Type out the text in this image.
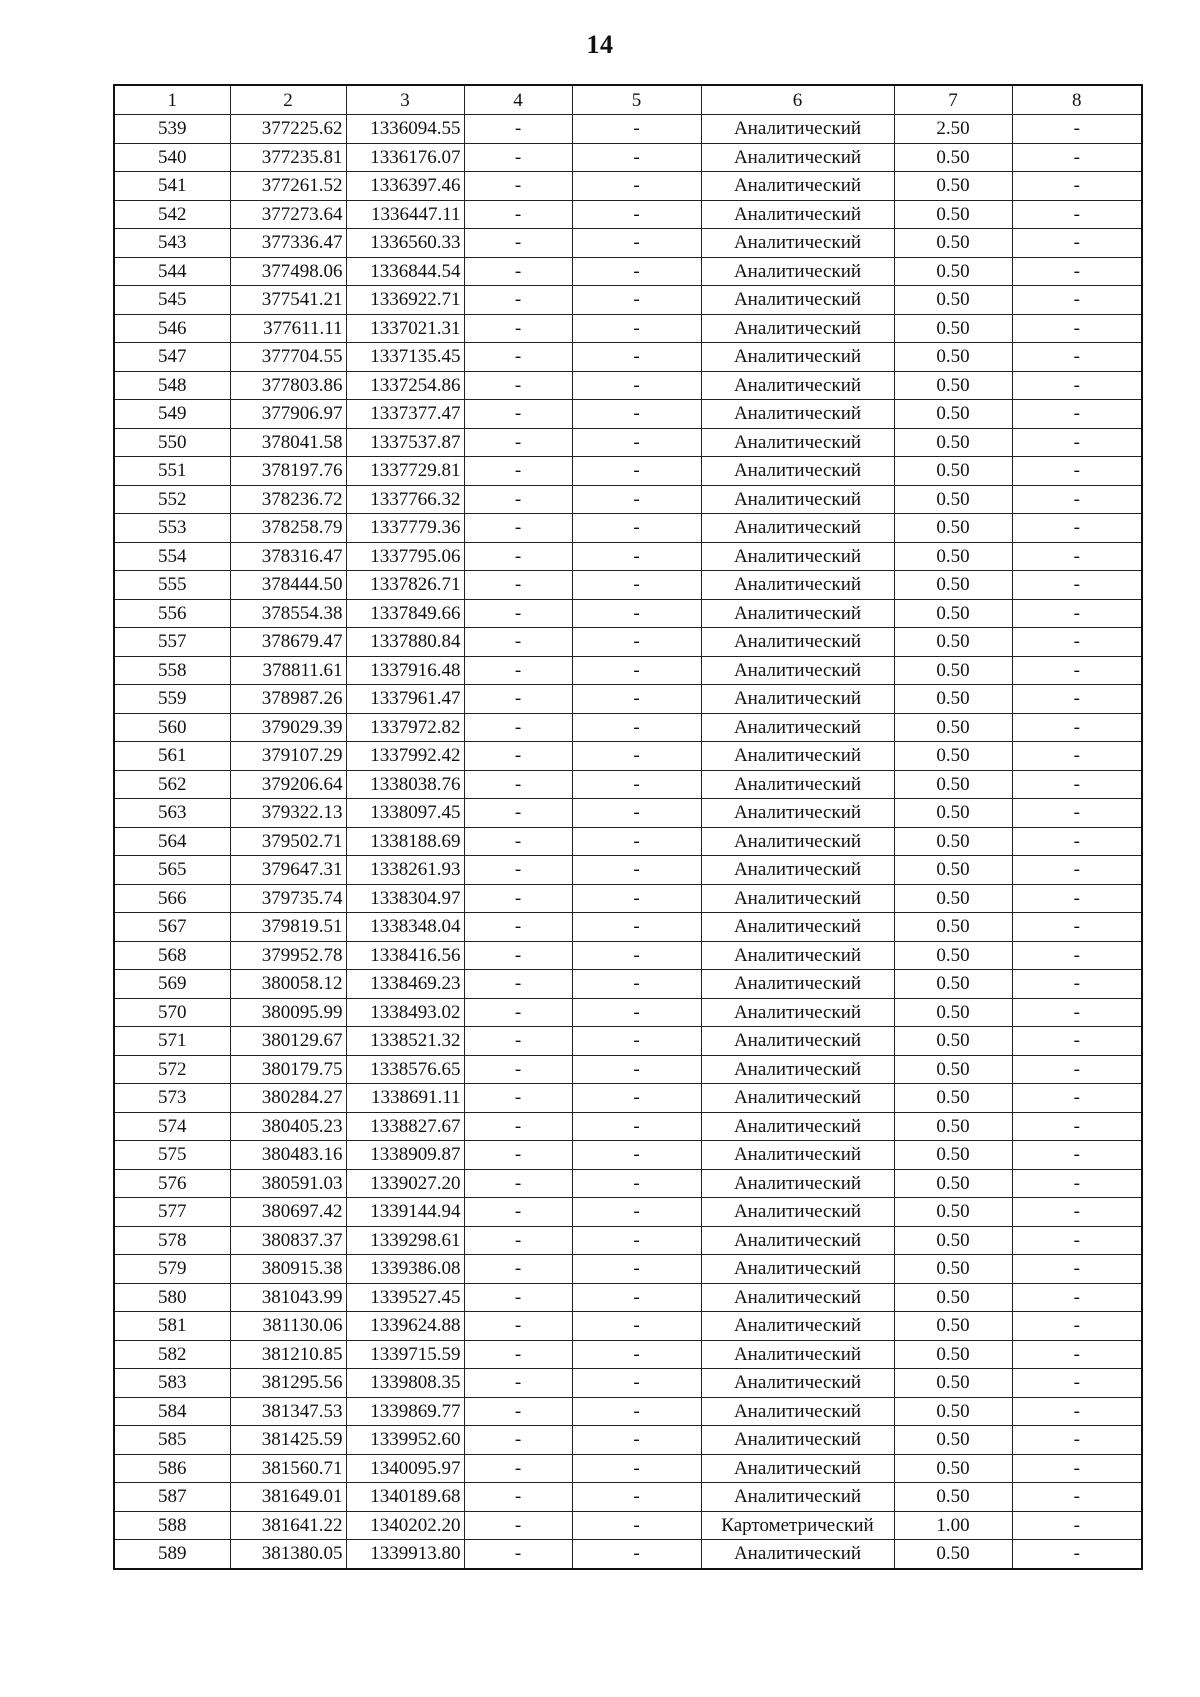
14
1	2	3	4	5	6	7	8
539	377225.62	1336094.55	-	-	Аналитический	2.50	-
540	377235.81	1336176.07	-	-	Аналитический	0.50	-
541	377261.52	1336397.46	-	-	Аналитический	0.50	-
542	377273.64	1336447.11	-	-	Аналитический	0.50	-
543	377336.47	1336560.33	-	-	Аналитический	0.50	-
544	377498.06	1336844.54	-	-	Аналитический	0.50	-
545	377541.21	1336922.71	-	-	Аналитический	0.50	-
546	377611.11	1337021.31	-	-	Аналитический	0.50	-
547	377704.55	1337135.45	-	-	Аналитический	0.50	-
548	377803.86	1337254.86	-	-	Аналитический	0.50	-
549	377906.97	1337377.47	-	-	Аналитический	0.50	-
550	378041.58	1337537.87	-	-	Аналитический	0.50	-
551	378197.76	1337729.81	-	-	Аналитический	0.50	-
552	378236.72	1337766.32	-	-	Аналитический	0.50	-
553	378258.79	1337779.36	-	-	Аналитический	0.50	-
554	378316.47	1337795.06	-	-	Аналитический	0.50	-
555	378444.50	1337826.71	-	-	Аналитический	0.50	-
556	378554.38	1337849.66	-	-	Аналитический	0.50	-
557	378679.47	1337880.84	-	-	Аналитический	0.50	-
558	378811.61	1337916.48	-	-	Аналитический	0.50	-
559	378987.26	1337961.47	-	-	Аналитический	0.50	-
560	379029.39	1337972.82	-	-	Аналитический	0.50	-
561	379107.29	1337992.42	-	-	Аналитический	0.50	-
562	379206.64	1338038.76	-	-	Аналитический	0.50	-
563	379322.13	1338097.45	-	-	Аналитический	0.50	-
564	379502.71	1338188.69	-	-	Аналитический	0.50	-
565	379647.31	1338261.93	-	-	Аналитический	0.50	-
566	379735.74	1338304.97	-	-	Аналитический	0.50	-
567	379819.51	1338348.04	-	-	Аналитический	0.50	-
568	379952.78	1338416.56	-	-	Аналитический	0.50	-
569	380058.12	1338469.23	-	-	Аналитический	0.50	-
570	380095.99	1338493.02	-	-	Аналитический	0.50	-
571	380129.67	1338521.32	-	-	Аналитический	0.50	-
572	380179.75	1338576.65	-	-	Аналитический	0.50	-
573	380284.27	1338691.11	-	-	Аналитический	0.50	-
574	380405.23	1338827.67	-	-	Аналитический	0.50	-
575	380483.16	1338909.87	-	-	Аналитический	0.50	-
576	380591.03	1339027.20	-	-	Аналитический	0.50	-
577	380697.42	1339144.94	-	-	Аналитический	0.50	-
578	380837.37	1339298.61	-	-	Аналитический	0.50	-
579	380915.38	1339386.08	-	-	Аналитический	0.50	-
580	381043.99	1339527.45	-	-	Аналитический	0.50	-
581	381130.06	1339624.88	-	-	Аналитический	0.50	-
582	381210.85	1339715.59	-	-	Аналитический	0.50	-
583	381295.56	1339808.35	-	-	Аналитический	0.50	-
584	381347.53	1339869.77	-	-	Аналитический	0.50	-
585	381425.59	1339952.60	-	-	Аналитический	0.50	-
586	381560.71	1340095.97	-	-	Аналитический	0.50	-
587	381649.01	1340189.68	-	-	Аналитический	0.50	-
588	381641.22	1340202.20	-	-	Картометрический	1.00	-
589	381380.05	1339913.80	-	-	Аналитический	0.50	-
